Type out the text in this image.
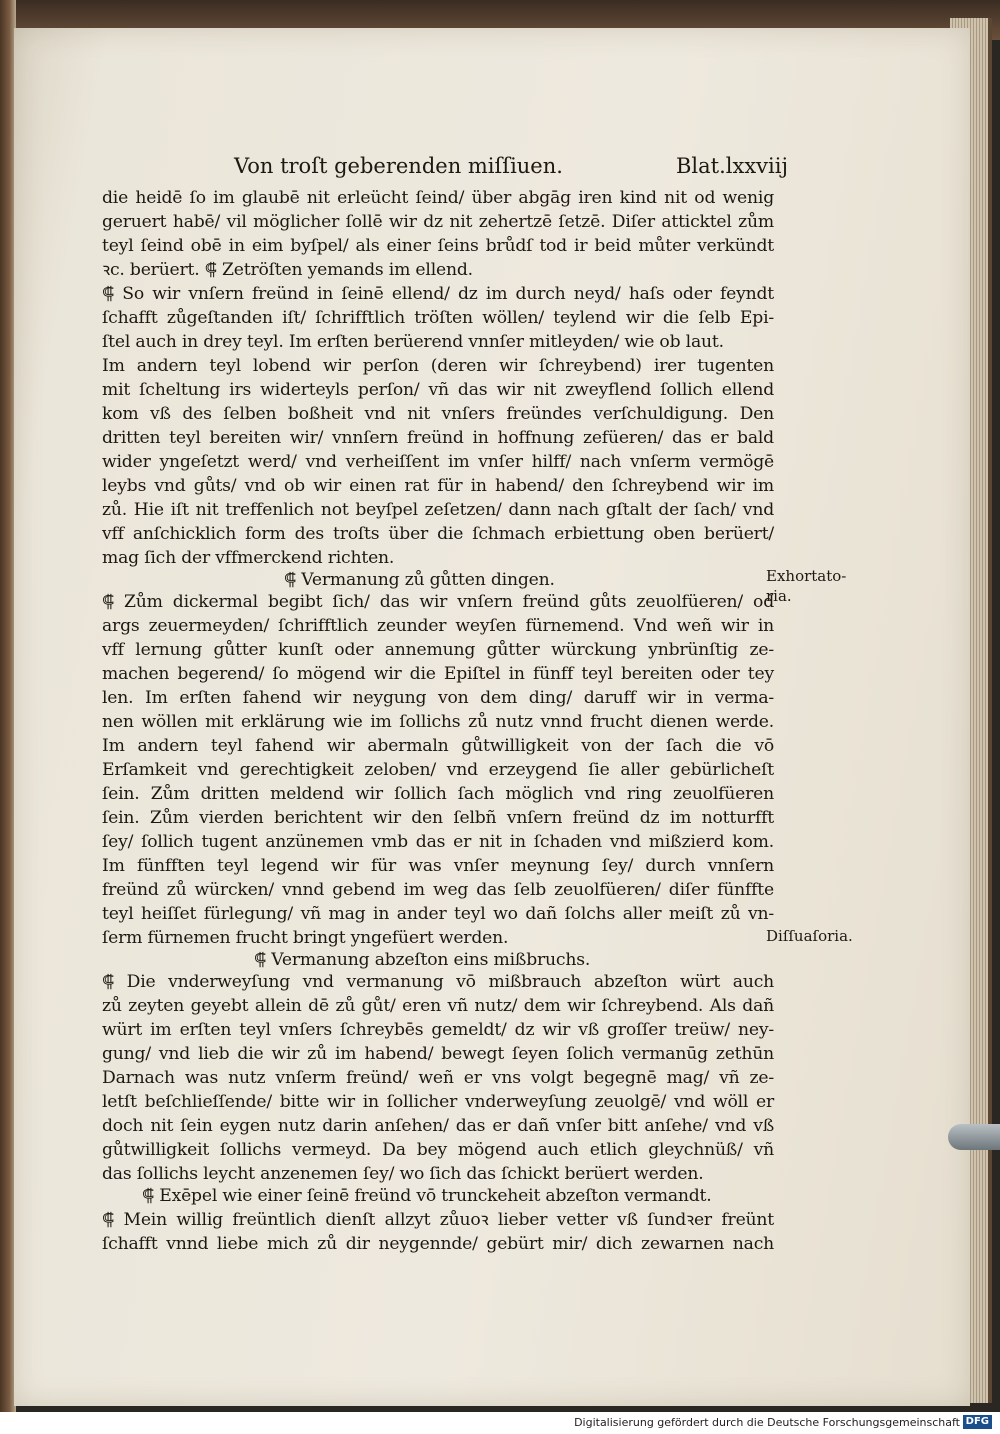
Von troſt geberenden miſſiuen.	Blat.lxxviij
Exhortato-
ria.
Diſſuaſoria.
die heidē ſo im glaubē nit erleücht ſeind/ über abgāg iren kind nit od wenig
geruert habē/ vil möglicher ſollē wir dz nit zehertzē ſetzē. Diſer atticktel zům
teyl ſeind obē in eim byſpel/ als einer ſeins brůdſ tod ir beid můter verkündt
ꝛc. berüert. ⸿ Zetröſten yemands im ellend.
⸿ So wir vnſern freünd in ſeinē ellend/ dz im durch neyd/ haſs oder feyndt
ſchafft zůgeſtanden iſt/ ſchrifftlich tröſten wöllen/ teylend wir die ſelb Epi-
ſtel auch in drey teyl. Im erſten berüerend vnnſer mitleyden/ wie ob laut.
Im andern teyl lobend wir perſon (deren wir ſchreybend) irer tugenten
mit ſcheltung irs widerteyls perſon/ vñ das wir nit zweyflend ſollich ellend
kom vß des ſelben boßheit vnd nit vnſers freündes verſchuldigung. Den
dritten teyl bereiten wir/ vnnſern freünd in hoffnung zefüeren/ das er bald
wider yngeſetzt werd/ vnd verheiſſent im vnſer hilff/ nach vnſerm vermögē
leybs vnd gůts/ vnd ob wir einen rat für in habend/ den ſchreybend wir im
zů. Hie iſt nit treffenlich not beyſpel zeſetzen/ dann nach gſtalt der ſach/ vnd
vff anſchicklich form des troſts über die ſchmach erbiettung oben berüert/
mag ſich der vffmerckend richten.
⸿ Vermanung zů gůtten dingen.
⸿ Zům dickermal begibt ſich/ das wir vnſern freünd gůts zeuolfüeren/ od
args zeuermeyden/ ſchrifftlich zeunder weyſen fürnemend. Vnd weñ wir in
vff lernung gůtter kunſt oder annemung gůtter würckung ynbrünſtig ze-
machen begerend/ ſo mögend wir die Epiſtel in fünff teyl bereiten oder tey
len. Im erſten fahend wir neygung von dem ding/ daruff wir in verma-
nen wöllen mit erklärung wie im ſollichs zů nutz vnnd frucht dienen werde.
Im andern teyl fahend wir abermaln gůtwilligkeit von der ſach die vō
Erſamkeit vnd gerechtigkeit zeloben/ vnd erzeygend ſie aller gebürlicheſt
ſein. Zům dritten meldend wir ſollich ſach möglich vnd ring zeuolfüeren
ſein. Zům vierden berichtent wir den ſelbñ vnſern freünd dz im notturfft
ſey/ ſollich tugent anzünemen vmb das er nit in ſchaden vnd mißzierd kom.
Im fünfften teyl legend wir für was vnſer meynung ſey/ durch vnnſern
freünd zů würcken/ vnnd gebend im weg das ſelb zeuolfüeren/ diſer fünffte
teyl heiſſet fürlegung/ vñ mag in ander teyl wo dañ ſolchs aller meiſt zů vn-
ſerm fürnemen frucht bringt yngefüert werden.
⸿ Vermanung abzeſton eins mißbruchs.
⸿ Die vnderweyſung vnd vermanung vō mißbrauch abzeſton würt auch
zů zeyten geyebt allein dē zů gůt/ eren vñ nutz/ dem wir ſchreybend. Als dañ
würt im erſten teyl vnſers ſchreybēs gemeldt/ dz wir vß groſſer treüw/ ney-
gung/ vnd lieb die wir zů im habend/ bewegt ſeyen ſolich vermanūg zethūn
Darnach was nutz vnſerm freünd/ weñ er vns volgt begegnē mag/ vñ ze-
letſt beſchlieſſende/ bitte wir in ſollicher vnderweyſung zeuolgē/ vnd wöll er
doch nit ſein eygen nutz darin anſehen/ das er dañ vnſer bitt anſehe/ vnd vß
gůtwilligkeit ſollichs vermeyd. Da bey mögend auch etlich gleychnüß/ vñ
das ſollichs leycht anzenemen ſey/ wo ſich das ſchickt berüert werden.
⸿ Exēpel wie einer ſeinē freünd vō trunckeheit abzeſton vermandt.
⸿ Mein willig freüntlich dienſt allzyt zůuoꝛ lieber vetter vß ſundꝛer freünt
ſchafft vnnd liebe mich zů dir neygennde/ gebürt mir/ dich zewarnen nach
Digitalisierung gefördert durch die Deutsche Forschungsgemeinschaft DFG
